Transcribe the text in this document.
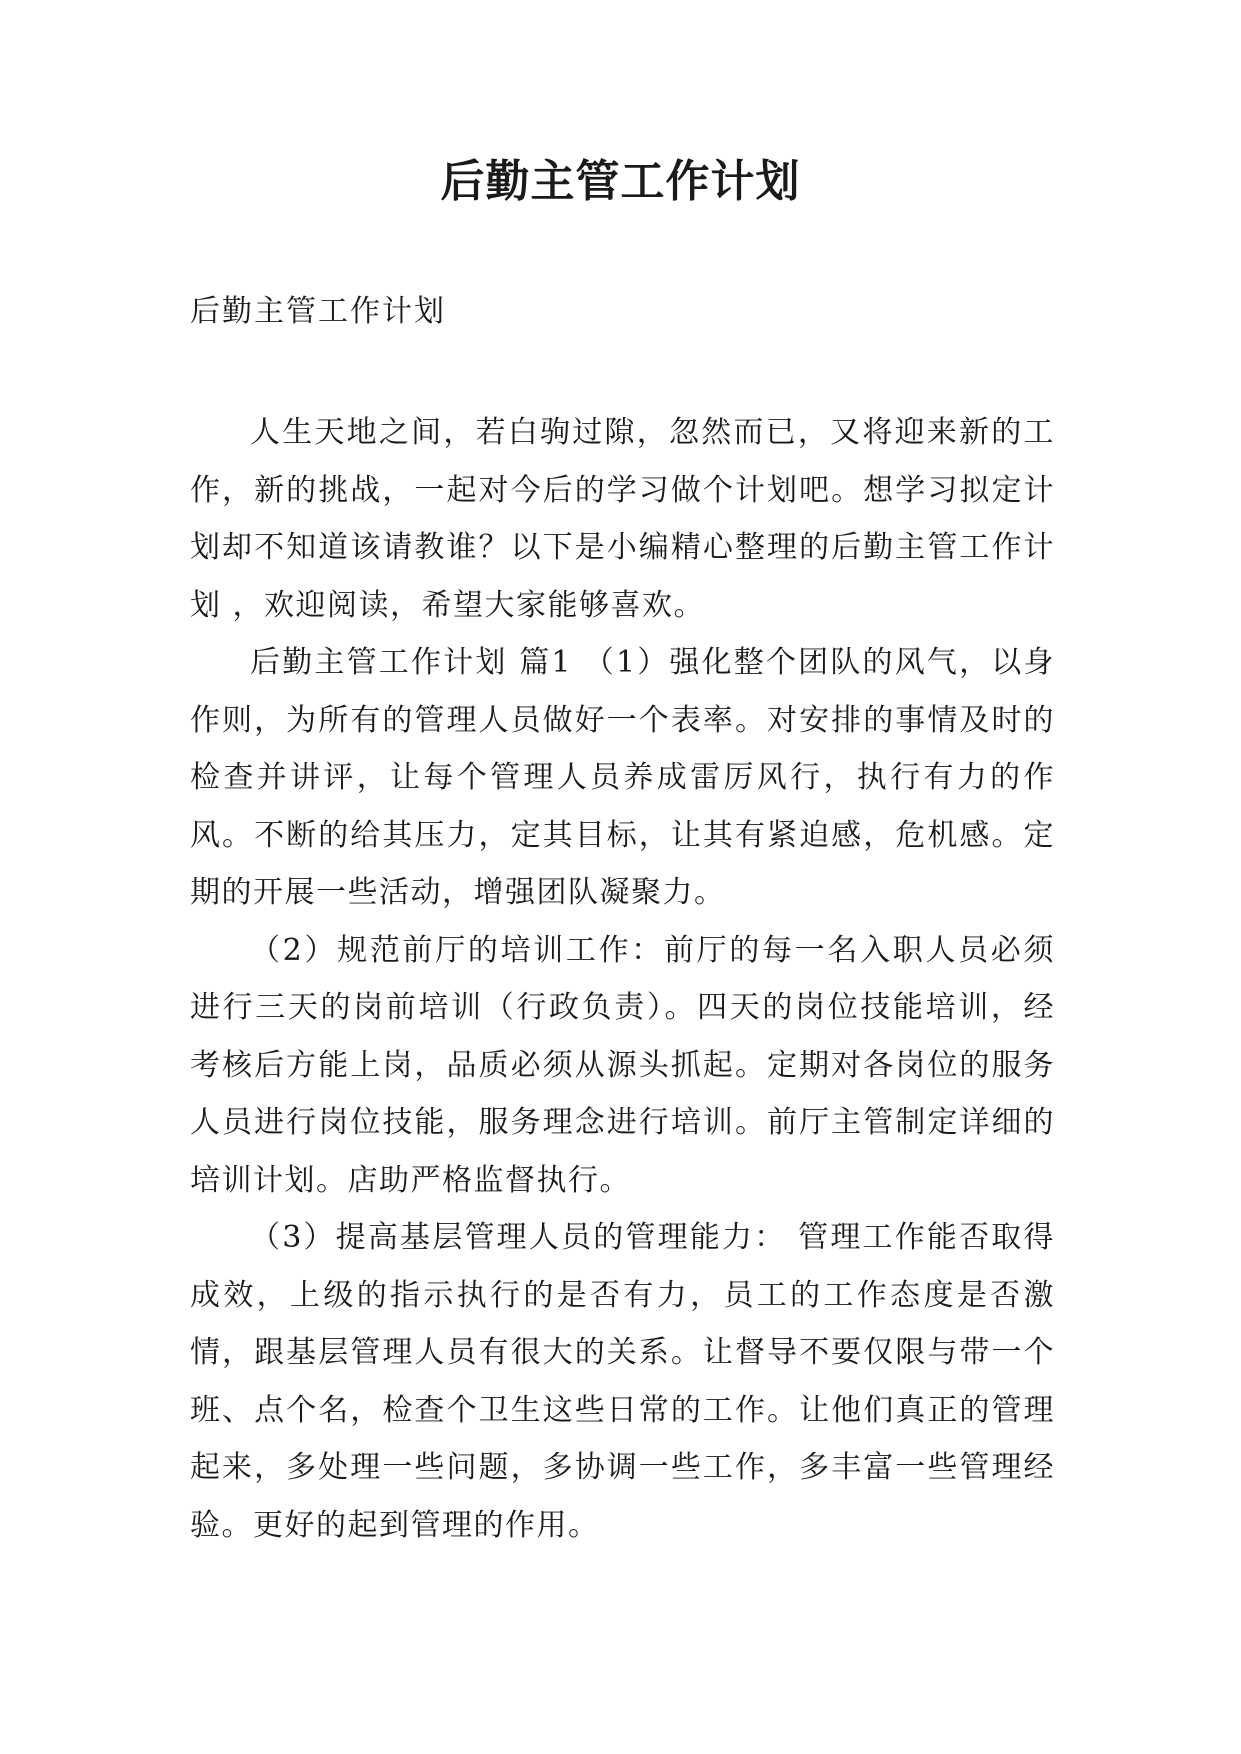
后勤主管工作计划
后勤主管工作计划

人生天地之间，若白驹过隙，忽然而已，又将迎来新的工作，新的挑战，一起对今后的学习做个计划吧。想学习拟定计划却不知道该请教谁？以下是小编精心整理的后勤主管工作计划 ，欢迎阅读，希望大家能够喜欢。

后勤主管工作计划 篇1 （1）强化整个团队的风气，以身作则，为所有的管理人员做好一个表率。对安排的事情及时的检查并讲评，让每个管理人员养成雷厉风行，执行有力的作风。不断的给其压力，定其目标，让其有紧迫感，危机感。定期的开展一些活动，增强团队凝聚力。

（2）规范前厅的培训工作：前厅的每一名入职人员必须进行三天的岗前培训（行政负责）。四天的岗位技能培训，经考核后方能上岗，品质必须从源头抓起。定期对各岗位的服务人员进行岗位技能，服务理念进行培训。前厅主管制定详细的培训计划。店助严格监督执行。

（3）提高基层管理人员的管理能力： 管理工作能否取得成效，上级的指示执行的是否有力，员工的工作态度是否激情，跟基层管理人员有很大的关系。让督导不要仅限与带一个班、点个名，检查个卫生这些日常的工作。让他们真正的管理起来，多处理一些问题，多协调一些工作，多丰富一些管理经验。更好的起到管理的作用。
